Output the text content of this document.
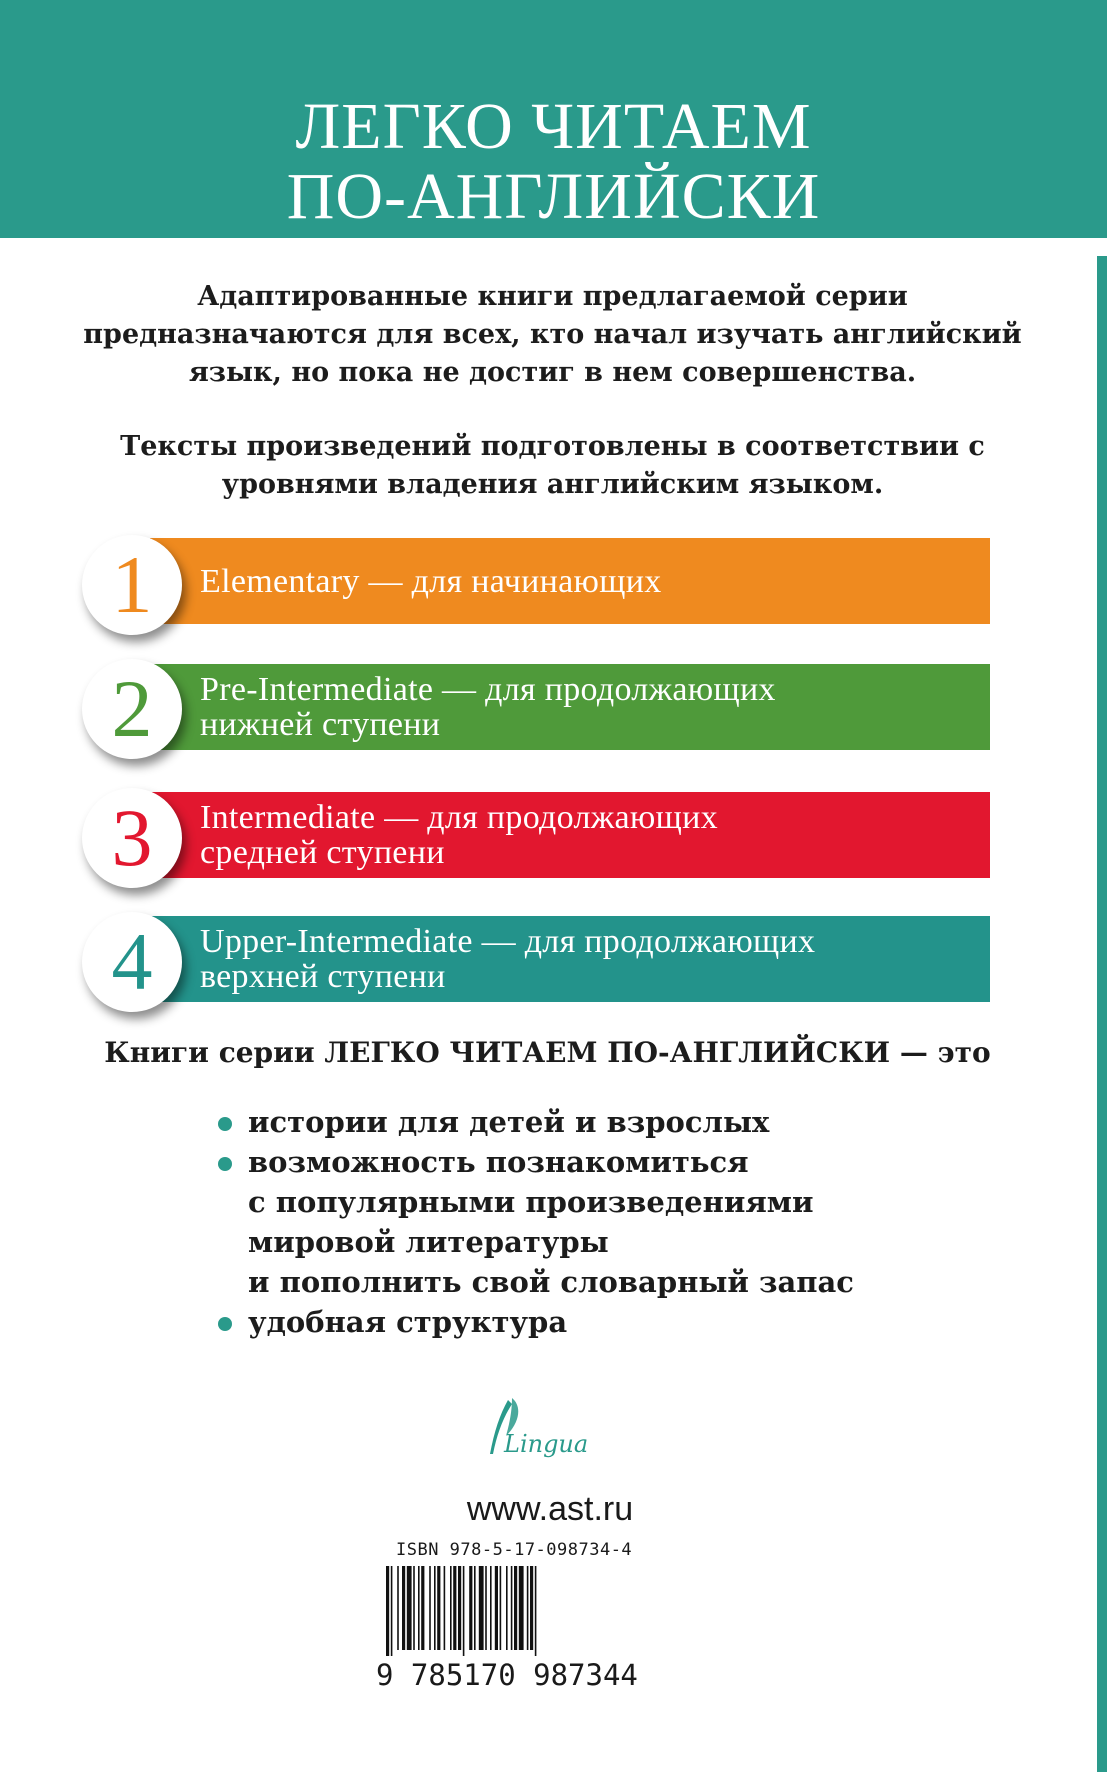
ЛЕГКО ЧИТАЕМ
ПО-АНГЛИЙСКИ

Адаптированные книги предлагаемой серии предназначаются для всех, кто начал изучать английский язык, но пока не достиг в нем совершенства.

Тексты произведений подготовлены в соответствии с уровнями владения английским языком.

Elementary — для начинающих
1
Pre-Intermediate — для продолжающих
нижней ступени
2
Intermediate — для продолжающих
средней ступени
3
Upper-Intermediate — для продолжающих
верхней ступени
4
Книги серии ЛЕГКО ЧИТАЕМ ПО-АНГЛИЙСКИ — это
истории для детей и взрослых
возможность познакомиться
с популярными произведениями
мировой литературы
и пополнить свой словарный запас
удобная структура
Lingua
www.ast.ru
ISBN 978-5-17-098734-4
9 785170 987344
